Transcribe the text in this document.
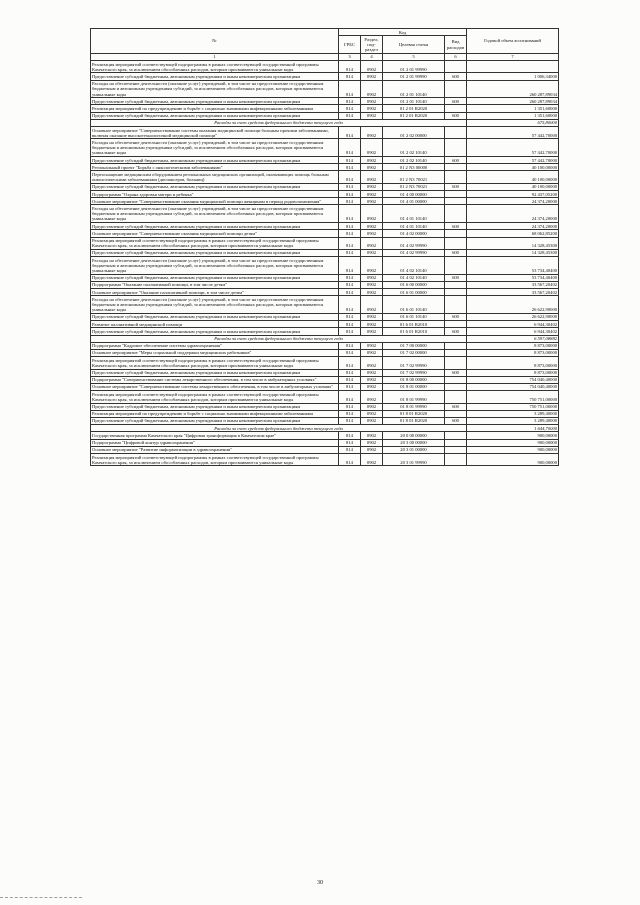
№	Код				Годовой объем ассигнований
	ГРБС	Раздел, под-раздел	Целевая статья	Вид расходов	
1	3	4	5	6	7
Реализация мероприятий соответствующей подпрограммы в рамках соответствующей государственной программы Камчатского края, за исключением обособленных расходов, которым присваиваются уникальные коды	814	0902	01 2 01 99990		
Предоставление субсидий бюджетным, автономным учреждениям и иным некоммерческим организациям	814	0902	01 2 01 99990	600	1 006,34000
Расходы на обеспечение деятельности (оказание услуг) учреждений, в том числе на предоставление государственным бюджетным и автономным учреждениям субсидий, за исключением обособленных расходов, которым присваиваются уникальные коды	814	0902	01 2 01 10140		260 287,89034
Предоставление субсидий бюджетным, автономным учреждениям и иным некоммерческим организациям	814	0902	01 2 01 10140	600	260 287,89034
Реализация мероприятий по предупреждению и борьбе с социально значимыми инфекционными заболеваниями	814	0902	01 2 01 R2020		1 351,60000
Предоставление субсидий бюджетным, автономным учреждениям и иным некоммерческим организациям	814	0902	01 2 01 R2020	600	1 351,60000
Расходы за счет средств федерального бюджета текущего года					675,80000
Основное мероприятие "Совершенствование системы оказания медицинской помощи больным прочими заболеваниями, включая оказание высокотехнологичной медицинской помощи"	814	0902	01 2 02 00000		57 442,70000
Расходы на обеспечение деятельности (оказание услуг) учреждений, в том числе на предоставление государственным бюджетным и автономным учреждениям субсидий, за исключением обособленных расходов, которым присваиваются уникальные коды	814	0902	01 2 02 10140		57 442,70000
Предоставление субсидий бюджетным, автономным учреждениям и иным некоммерческим организациям	814	0902	01 2 02 10140	600	57 442,70000
Региональный проект "Борьба с онкологическими заболеваниями"	814	0902	01 2 N3 00000		40 100,00000
Переоснащение медицинским оборудованием региональных медицинских организаций, оказывающих помощь больным онкологическими заболеваниями (диспансеров, больниц)	814	0902	01 2 N3 70021		40 100,00000
Предоставление субсидий бюджетным, автономным учреждениям и иным некоммерческим организациям	814	0902	01 2 N3 70021	600	40 100,00000
Подпрограмма "Охрана здоровья матери и ребенка"	814	0902	01 4 00 00000		92 437,05200
Основное мероприятие "Совершенствование оказания медицинской помощи женщинам в период родовспоможения"	814	0902	01 4 01 00000		24 374,20000
Расходы на обеспечение деятельности (оказание услуг) учреждений, в том числе на предоставление государственным бюджетным и автономным учреждениям субсидий, за исключением обособленных расходов, которым присваиваются уникальные коды	814	0902	01 4 01 10140		24 374,20000
Предоставление субсидий бюджетным, автономным учреждениям и иным некоммерческим организациям	814	0902	01 4 01 10140	600	24 374,20000
Основное мероприятие "Совершенствование оказания медицинской помощи детям"	814	0902	01 4 02 00000		68 062,85200
Реализация мероприятий соответствующей подпрограммы в рамках соответствующей государственной программы Камчатского края, за исключением обособленных расходов, которым присваиваются уникальные коды	814	0902	01 4 02 99990		14 328,45300
Предоставление субсидий бюджетным, автономным учреждениям и иным некоммерческим организациям	814	0902	01 4 02 99990	600	14 328,45300
Расходы на обеспечение деятельности (оказание услуг) учреждений, в том числе на предоставление государственным бюджетным и автономным учреждениям субсидий, за исключением обособленных расходов, которым присваиваются уникальные коды	814	0902	01 4 02 10140		53 734,40400
Предоставление субсидий бюджетным, автономным учреждениям и иным некоммерческим организациям	814	0902	01 4 02 10140	600	53 734,40400
Подпрограмма "Оказание паллиативной помощи, в том числе детям"	814	0902	01 6 00 00000		33 567,20402
Основное мероприятие "Оказание паллиативной помощи, в том числе детям"	814	0902	01 6 01 00000		33 567,20402
Расходы на обеспечение деятельности (оказание услуг) учреждений, в том числе на предоставление государственным бюджетным и автономным учреждениям субсидий, за исключением обособленных расходов, которым присваиваются уникальные коды	814	0902	01 6 01 10140		26 622,90000
Предоставление субсидий бюджетным, автономным учреждениям и иным некоммерческим организациям	814	0902	01 6 01 10140	600	26 622,90000
Развитие паллиативной медицинской помощи	814	0902	01 6 01 R2010		6 944,30402
Предоставление субсидий бюджетным, автономным учреждениям и иным некоммерческим организациям	814	0902	01 6 01 R2010	600	6 944,30402
Расходы за счет средств федерального бюджета текущего года					6 597,08882
Подпрограмма "Кадровое обеспечение системы здравоохранения"	814	0902	01 7 00 00000		8 873,00000
Основное мероприятие "Меры социальной поддержки медицинских работников"	814	0902	01 7 02 00000		8 873,00000
Реализация мероприятий соответствующей подпрограммы в рамках соответствующей государственной программы Камчатского края, за исключением обособленных расходов, которым присваиваются уникальные коды	814	0902	01 7 02 99990		8 873,00000
Предоставление субсидий бюджетным, автономным учреждениям и иным некоммерческим организациям	814	0902	01 7 02 99990	600	8 873,00000
Подпрограмма "Совершенствование системы лекарственного обеспечения, в том числе в амбулаторных условиях"	814	0902	01 8 00 00000		754 040,40000
Основное мероприятие "Совершенствование системы лекарственного обеспечения, в том числе в амбулаторных условиях"	814	0902	01 8 01 00000		754 040,40000
Реализация мероприятий соответствующей подпрограммы в рамках соответствующей государственной программы Камчатского края, за исключением обособленных расходов, которым присваиваются уникальные коды	814	0902	01 8 01 99990		750 751,00000
Предоставление субсидий бюджетным, автономным учреждениям и иным некоммерческим организациям	814	0902	01 8 01 99990	600	750 751,00000
Реализация мероприятий по предупреждению и борьбе с социально значимыми инфекционными заболеваниями	814	0902	01 8 01 R2020		3 289,40000
Предоставление субсидий бюджетным, автономным учреждениям и иным некоммерческим организациям	814	0902	01 8 01 R2020	600	3 289,40000
Расходы за счет средств федерального бюджета текущего года					1 644,70000
Государственная программа Камчатского края "Цифровая трансформация в Камчатском крае"	814	0902	20 0 00 00000		900,00000
Подпрограмма "Цифровой контур здравоохранения"	814	0902	20 3 00 00000		900,00000
Основное мероприятие "Развитие информатизации в здравоохранении"	814	0902	20 3 01 00000		900,00000
Реализация мероприятий соответствующей подпрограммы в рамках соответствующей государственной программы Камчатского края, за исключением обособленных расходов, которым присваиваются уникальные коды	814	0902	20 3 01 99990		900,00000
30
